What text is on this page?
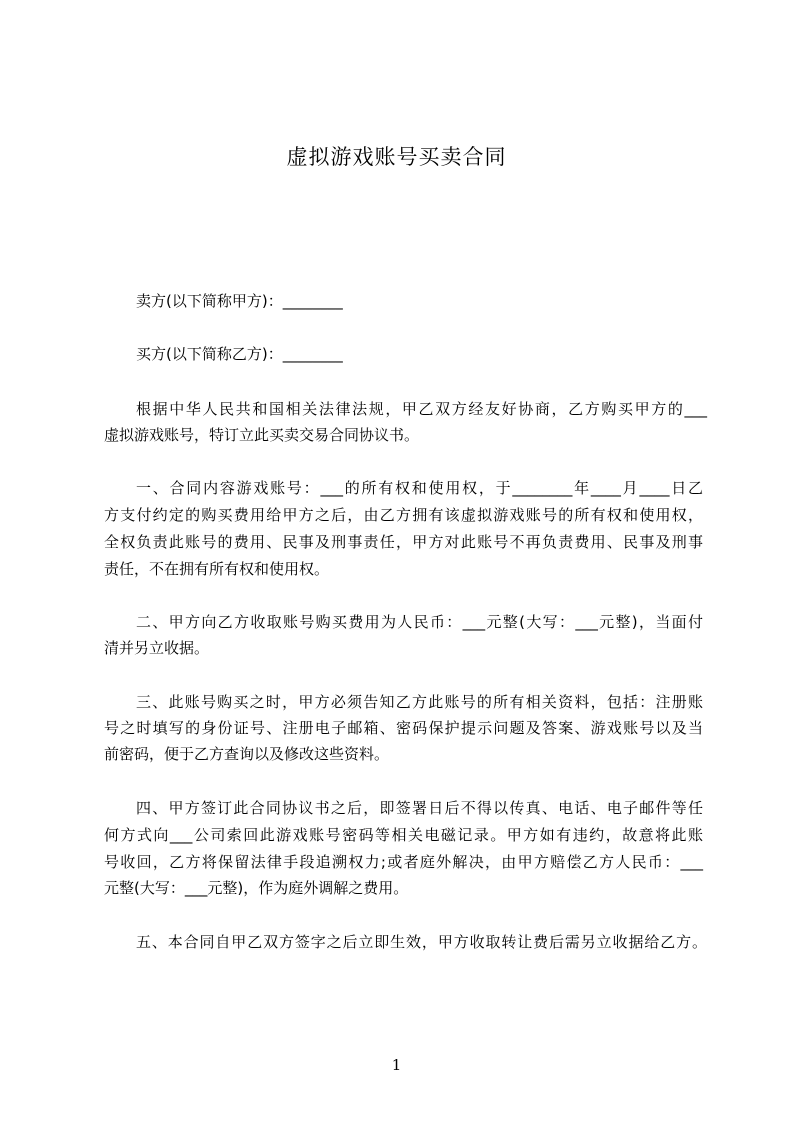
虚拟游戏账号买卖合同
卖方(以下简称甲方)：________
买方(以下简称乙方)：________
根据中华人民共和国相关法律法规，甲乙双方经友好协商，乙方购买甲方的___
虚拟游戏账号，特订立此买卖交易合同协议书。
一、合同内容游戏账号：___的所有权和使用权，于________年____月____日乙
方支付约定的购买费用给甲方之后，由乙方拥有该虚拟游戏账号的所有权和使用权，
全权负责此账号的费用、民事及刑事责任，甲方对此账号不再负责费用、民事及刑事
责任，不在拥有所有权和使用权。
二、甲方向乙方收取账号购买费用为人民币：___元整(大写：___元整)，当面付
清并另立收据。
三、此账号购买之时，甲方必须告知乙方此账号的所有相关资料，包括：注册账
号之时填写的身份证号、注册电子邮箱、密码保护提示问题及答案、游戏账号以及当
前密码，便于乙方查询以及修改这些资料。
四、甲方签订此合同协议书之后，即签署日后不得以传真、电话、电子邮件等任
何方式向___公司索回此游戏账号密码等相关电磁记录。甲方如有违约，故意将此账
号收回，乙方将保留法律手段追溯权力;或者庭外解决，由甲方赔偿乙方人民币：___
元整(大写：___元整)，作为庭外调解之费用。
五、本合同自甲乙双方签字之后立即生效，甲方收取转让费后需另立收据给乙方。
1
